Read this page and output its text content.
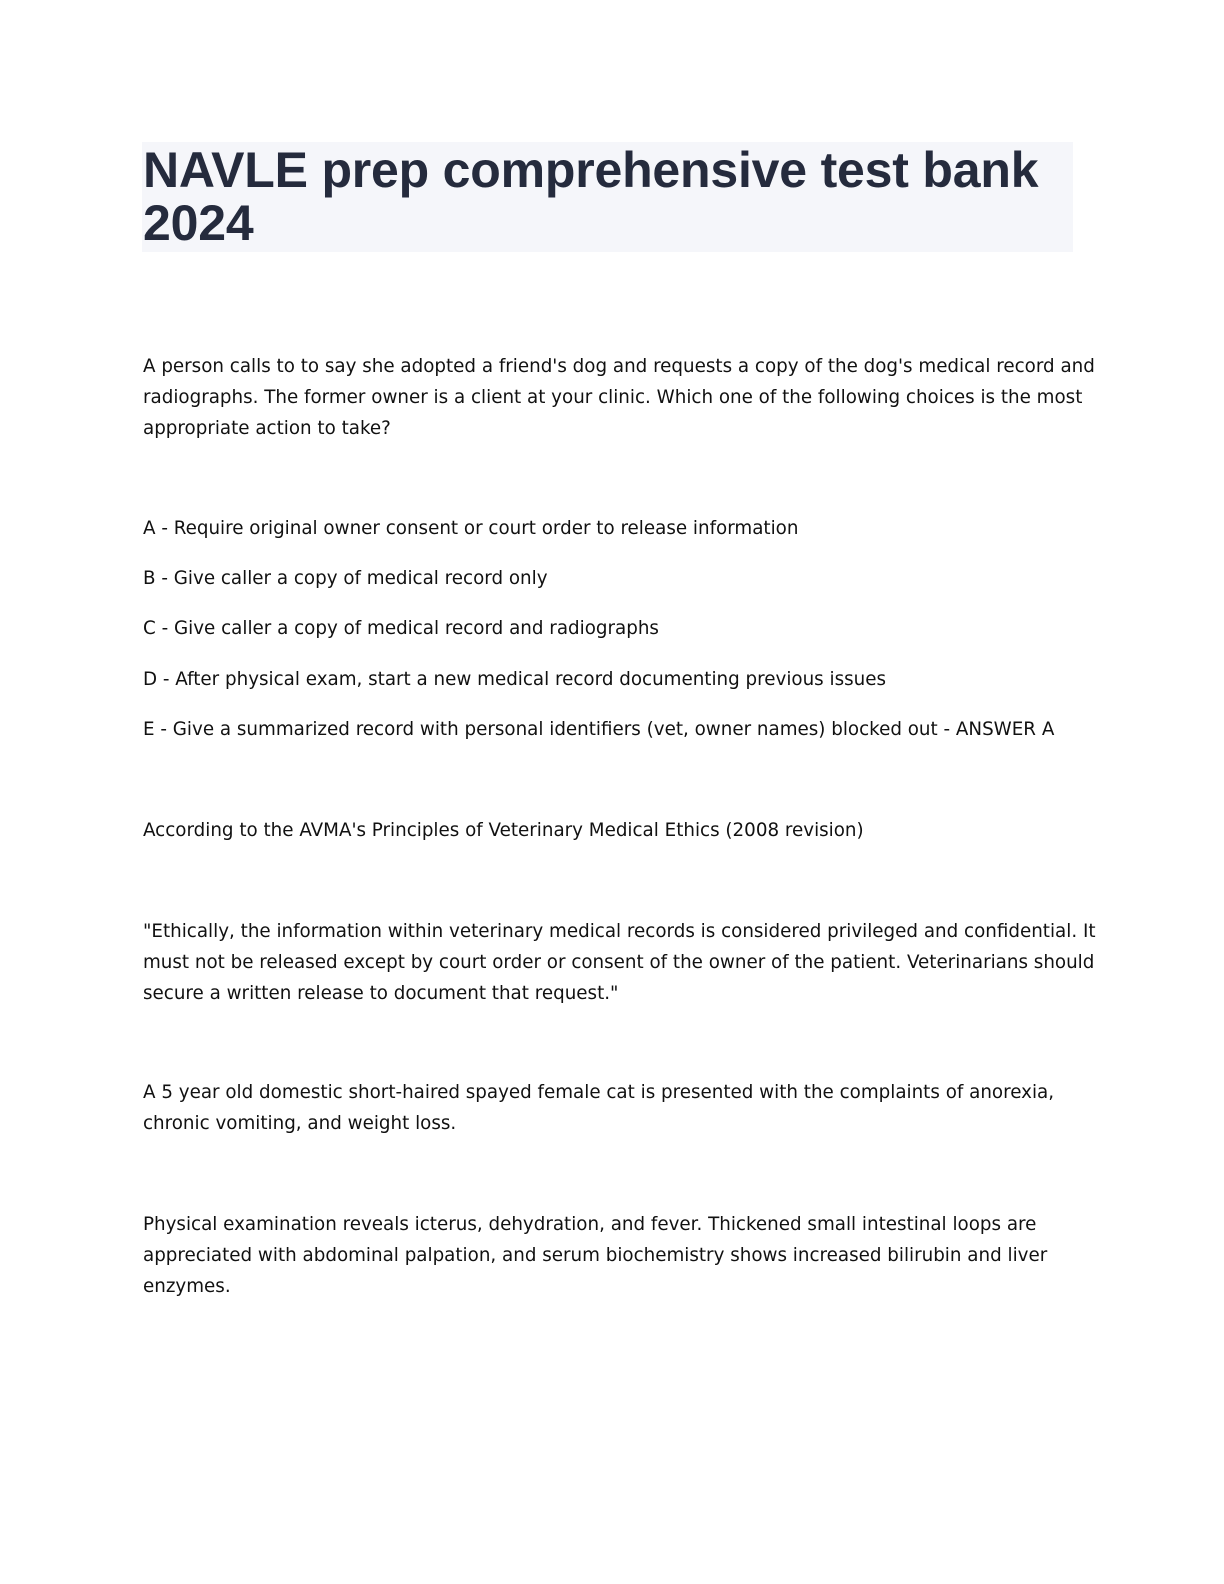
NAVLE prep comprehensive test bank 2024

A person calls to to say she adopted a friend's dog and requests a copy of the dog's medical record and
radiographs. The former owner is a client at your clinic. Which one of the following choices is the most
appropriate action to take?

A - Require original owner consent or court order to release information

B - Give caller a copy of medical record only

C - Give caller a copy of medical record and radiographs

D - After physical exam, start a new medical record documenting previous issues

E - Give a summarized record with personal identifiers (vet, owner names) blocked out - ANSWER A

According to the AVMA's Principles of Veterinary Medical Ethics (2008 revision)

"Ethically, the information within veterinary medical records is considered privileged and confidential. It
must not be released except by court order or consent of the owner of the patient. Veterinarians should
secure a written release to document that request."

A 5 year old domestic short-haired spayed female cat is presented with the complaints of anorexia,
chronic vomiting, and weight loss.

Physical examination reveals icterus, dehydration, and fever. Thickened small intestinal loops are
appreciated with abdominal palpation, and serum biochemistry shows increased bilirubin and liver
enzymes.
